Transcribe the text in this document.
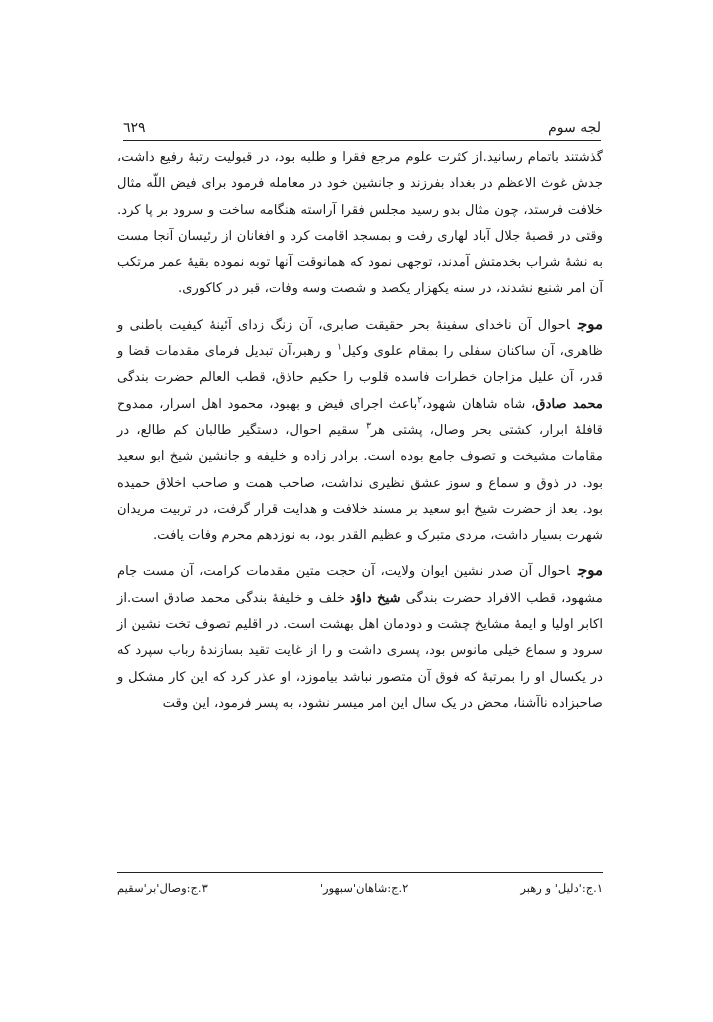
٦٢٩	لجه سوم

گذشتند باتمام رسانید.از کثرت علوم مرجع فقرا و طلبه بود، در قبولیت رتبهٔ رفیع داشت، جدش غوث الاعظم در بغداد بفرزند و جانشین خود در معامله فرمود برای فیض اللّه مثال خلافت فرستد، چون مثال بدو رسید مجلس فقرا آراسته هنگامه ساخت و سرود بر پا کرد. وقتی در قصبهٔ جلال آباد لهاری رفت و بمسجد اقامت کرد و افغانان از رئیسان آنجا مست به نشهٔ شراب بخدمتش آمدند، توجهی نمود که همانوقت آنها توبه نموده بقیهٔ عمر مرتکب آن امر شنیع نشدند، در سنه یکهزار یکصد و شصت وسه وفات، قبر در کاکوری.

موجاحوال آن ناخدای سفینهٔ بحر حقیقت صابری، آن زنگ زدای آئینهٔ کیفیت باطنی و ظاهری، آن ساکنان سفلی را بمقام علوی وکیل$^١$ و رهبر،آن تبدیل فرمای مقدمات قضا و قدر، آن علیل مزاجان خطرات فاسده قلوب را حکیم حاذق، قطب العالم حضرت بندگی محمد صادق، شاه شاهان شهود،$^٢$باعث اجرای فیض و بهبود، محمود اهل اسرار، ممدوح قافلهٔ ابرار، کشتی بحر وصال، پشتی هر$^٣$ سقیم احوال، دستگیر طالبان کم طالع، در مقامات مشیخت و تصوف جامع بوده است. برادر زاده و خلیفه و جانشین شیخ ابو سعید بود. در ذوق و سماع و سوز عشق نظیری نداشت، صاحب همت و صاحب اخلاق حمیده بود. بعد از حضرت شیخ ابو سعید بر مسند خلافت و هدایت قرار گرفت، در تربیت مریدان شهرت بسیار داشت، مردی متبرک و عظیم القدر بود، به نوزدهم محرم وفات یافت.

موجاحوال آن صدر نشین ایوان ولایت، آن حجت متین مقدمات کرامت، آن مست جام مشهود، قطب الافراد حضرت بندگی شیخ داؤد خلف و خلیفهٔ بندگی محمد صادق است.از اکابر اولیا و ایمهٔ مشایخ چشت و دودمان اهل بهشت است. در اقلیم تصوف تخت نشین از سرود و سماع خیلی مانوس بود، پسری داشت و را از غایت تقید بسازندهٔ رباب سپرد که در یکسال او را بمرتبهٔ که فوق آن متصور نباشد بیاموزد، او عذر کرد که این کار مشکل و صاحبزاده ناآشنا، محض در یک سال این امر میسر نشود، به پسر فرمود، این وقت

١.ج:'دلیل' و رهبر
٢.ج:شاهان'سبهور'
٣.ج:وصال'بر'سقیم
